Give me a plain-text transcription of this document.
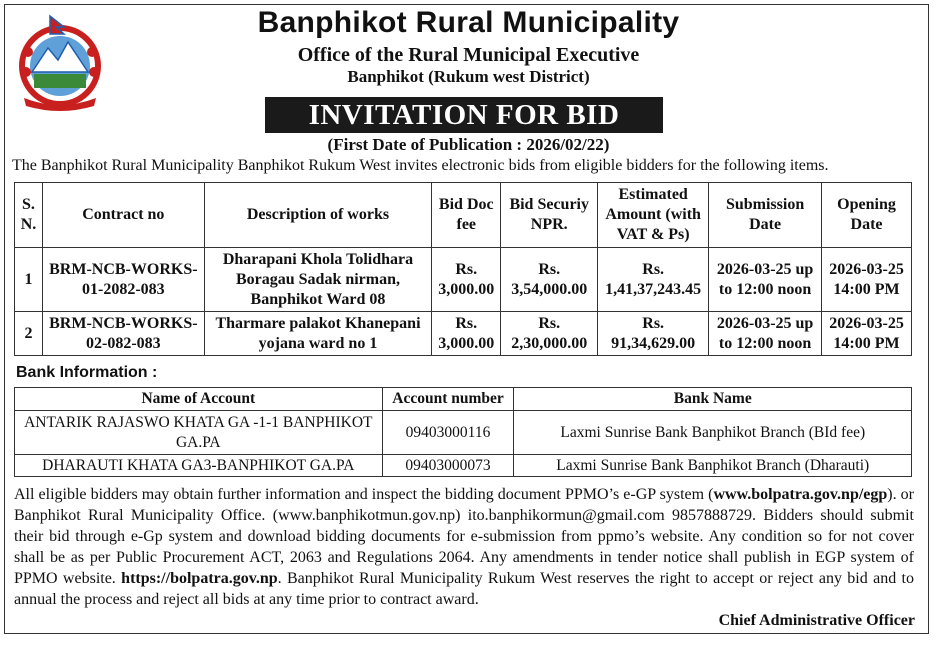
Banphikot Rural Municipality
Office of the Rural Municipal Executive
Banphikot (Rukum west District)
INVITATION FOR BID
(First Date of Publication : 2026/02/22)
The Banphikot Rural Municipality Banphikot Rukum West invites electronic bids from eligible bidders for the following items.
S. N.	Contract no	Description of works	Bid Doc fee	Bid Securiy NPR.	Estimated Amount (with VAT & Ps)	Submission Date	Opening Date
1	BRM-NCB-WORKS-01-2082-083	Dharapani Khola Tolidhara Boragau Sadak nirman, Banphikot Ward 08	Rs. 3,000.00	Rs. 3,54,000.00	Rs. 1,41,37,243.45	2026-03-25 up to 12:00 noon	2026-03-25 14:00 PM
2	BRM-NCB-WORKS-02-082-083	Tharmare palakot Khanepani yojana ward no 1	Rs. 3,000.00	Rs. 2,30,000.00	Rs. 91,34,629.00	2026-03-25 up to 12:00 noon	2026-03-25 14:00 PM
Bank Information :
Name of Account	Account number	Bank Name
ANTARIK RAJASWO KHATA GA -1-1 BANPHIKOT GA.PA	09403000116	Laxmi Sunrise Bank Banphikot Branch (BId fee)
DHARAUTI KHATA GA3-BANPHIKOT GA.PA	09403000073	Laxmi Sunrise Bank Banphikot Branch (Dharauti)
All eligible bidders may obtain further information and inspect the bidding document PPMO’s e-GP system (www.bolpatra.gov.np/egp). or Banphikot Rural Municipality Office. (www.banphikotmun.gov.np) ito.banphikormun@gmail.com 9857888729. Bidders should submit their bid through e-Gp system and download bidding documents for e-submission from ppmo’s website. Any condition so for not cover shall be as per Public Procurement ACT, 2063 and Regulations 2064. Any amendments in tender notice shall publish in EGP system of PPMO website. https://bolpatra.gov.np. Banphikot Rural Municipality Rukum West reserves the right to accept or reject any bid and to annual the process and reject all bids at any time prior to contract award.
Chief Administrative Officer
